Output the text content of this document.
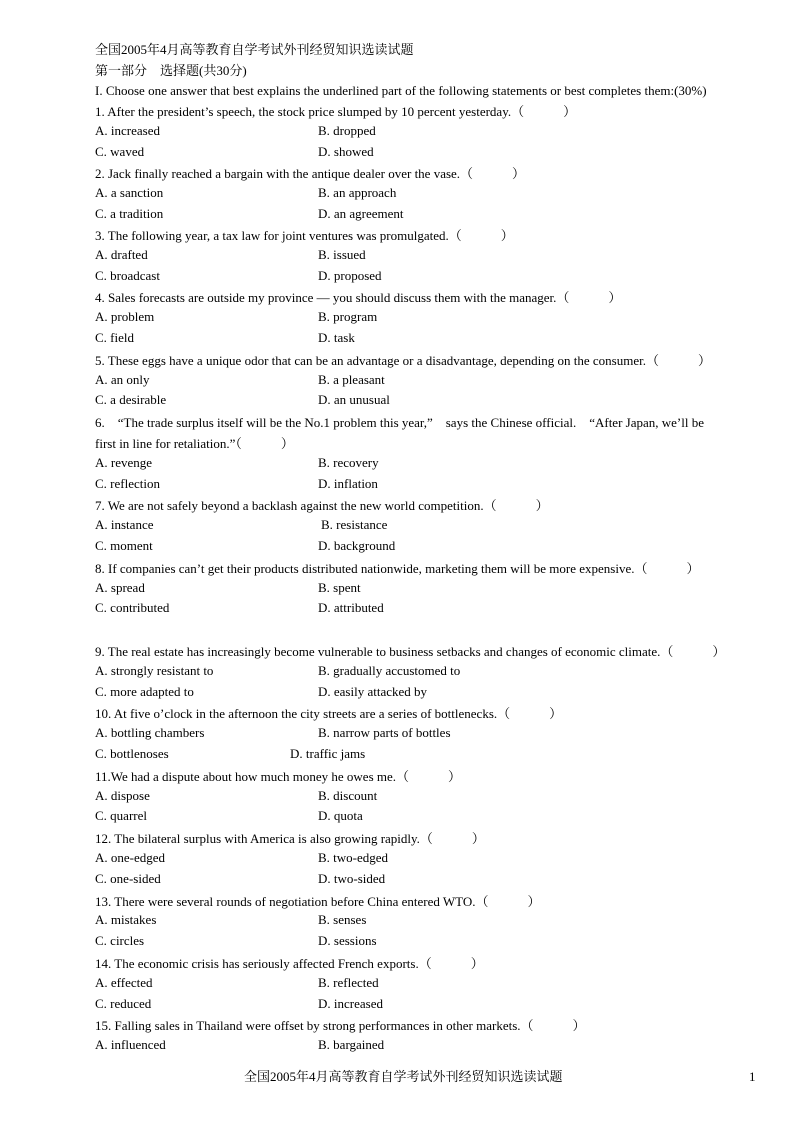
全国2005年4月高等教育自学考试外刊经贸知识选读试题
第一部分　选择题(共30分)
I. Choose one answer that best explains the underlined part of the following statements or best completes them:(30%)
1. After the president’s speech, the stock price slumped by 10 percent yesterday.（　　　）
A. increased	B. dropped
C. waved	D. showed
2. Jack finally reached a bargain with the antique dealer over the vase.（　　　）
A. a sanction	B. an approach
C. a tradition	D. an agreement
3. The following year, a tax law for joint ventures was promulgated.（　　　）
A. drafted	B. issued
C. broadcast	D. proposed
4. Sales forecasts are outside my province — you should discuss them with the manager.（　　　）
A. problem	B. program
C. field	D. task
5. These eggs have a unique odor that can be an advantage or a disadvantage, depending on the consumer.（　　　）
A. an only	B. a pleasant
C. a desirable	D. an unusual
6.　“The trade surplus itself will be the No.1 problem this year,”　says the Chinese official.　“After Japan, we’ll be
first in line for retaliation.”（　　　）
A. revenge	B. recovery
C. reflection	D. inflation
7. We are not safely beyond a backlash against the new world competition.（　　　）
A. instance	B. resistance
C. moment	D. background
8. If companies can’t get their products distributed nationwide, marketing them will be more expensive.（　　　）
A. spread	B. spent
C. contributed	D. attributed
9. The real estate has increasingly become vulnerable to business setbacks and changes of economic climate.（　　　）
A. strongly resistant to	B. gradually accustomed to
C. more adapted to	D. easily attacked by
10. At five o’clock in the afternoon the city streets are a series of bottlenecks.（　　　）
A. bottling chambers	B. narrow parts of bottles
C. bottlenoses	D. traffic jams
11.We had a dispute about how much money he owes me.（　　　）
A. dispose	B. discount
C. quarrel	D. quota
12. The bilateral surplus with America is also growing rapidly.（　　　）
A. one-edged	B. two-edged
C. one-sided	D. two-sided
13. There were several rounds of negotiation before China entered WTO.（　　　）
A. mistakes	B. senses
C. circles	D. sessions
14. The economic crisis has seriously affected French exports.（　　　）
A. effected	B. reflected
C. reduced	D. increased
15. Falling sales in Thailand were offset by strong performances in other markets.（　　　）
A. influenced	B. bargained
全国2005年4月高等教育自学考试外刊经贸知识选读试题	1
